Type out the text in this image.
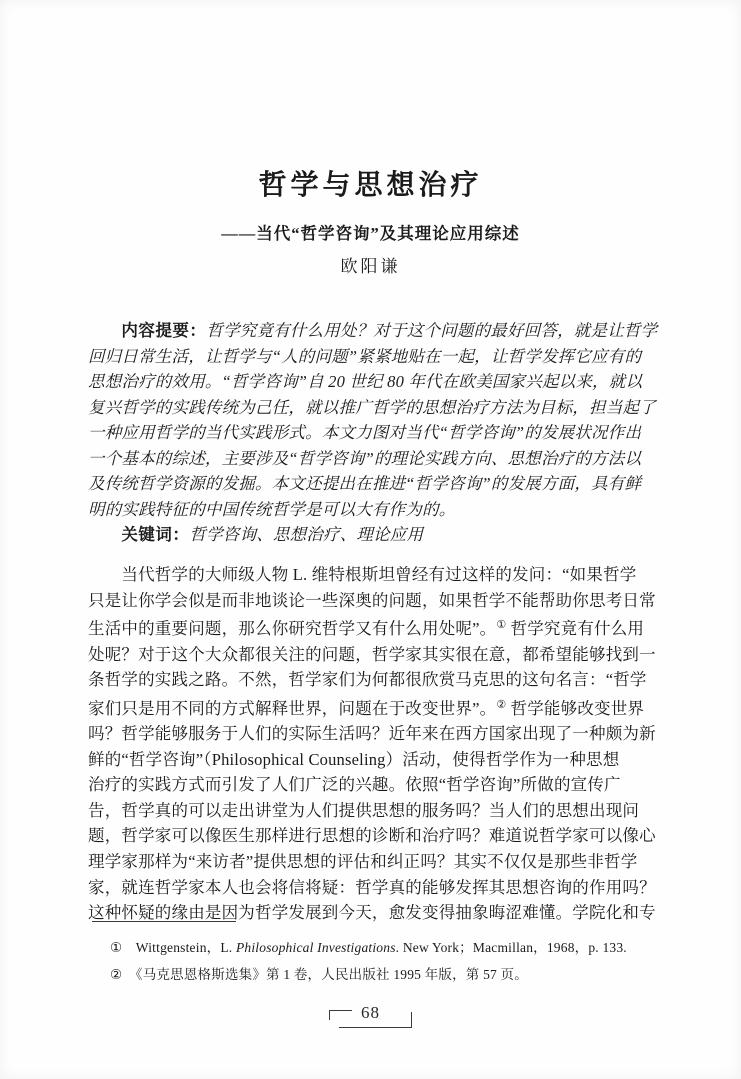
哲学与思想治疗
——当代“哲学咨询”及其理论应用综述
欧阳谦
　　内容提要：哲学究竟有什么用处？对于这个问题的最好回答，就是让哲学
回归日常生活，让哲学与“人的问题”紧紧地贴在一起，让哲学发挥它应有的
思想治疗的效用。“哲学咨询”自 20 世纪 80 年代在欧美国家兴起以来，就以
复兴哲学的实践传统为己任，就以推广哲学的思想治疗方法为目标，担当起了
一种应用哲学的当代实践形式。本文力图对当代“哲学咨询”的发展状况作出
一个基本的综述，主要涉及“哲学咨询”的理论实践方向、思想治疗的方法以
及传统哲学资源的发掘。本文还提出在推进“哲学咨询”的发展方面，具有鲜
明的实践特征的中国传统哲学是可以大有作为的。
　　关键词：哲学咨询、思想治疗、理论应用
　　当代哲学的大师级人物 L. 维特根斯坦曾经有过这样的发问：“如果哲学
只是让你学会似是而非地谈论一些深奥的问题，如果哲学不能帮助你思考日常
生活中的重要问题，那么你研究哲学又有什么用处呢”。① 哲学究竟有什么用
处呢？对于这个大众都很关注的问题，哲学家其实很在意，都希望能够找到一
条哲学的实践之路。不然，哲学家们为何都很欣赏马克思的这句名言：“哲学
家们只是用不同的方式解释世界，问题在于改变世界”。② 哲学能够改变世界
吗？哲学能够服务于人们的实际生活吗？近年来在西方国家出现了一种颇为新
鲜的“哲学咨询”（Philosophical Counseling）活动，使得哲学作为一种思想
治疗的实践方式而引发了人们广泛的兴趣。依照“哲学咨询”所做的宣传广
告，哲学真的可以走出讲堂为人们提供思想的服务吗？当人们的思想出现问
题，哲学家可以像医生那样进行思想的诊断和治疗吗？难道说哲学家可以像心
理学家那样为“来访者”提供思想的评估和纠正吗？其实不仅仅是那些非哲学
家，就连哲学家本人也会将信将疑：哲学真的能够发挥其思想咨询的作用吗？
这种怀疑的缘由是因为哲学发展到今天，愈发变得抽象晦涩难懂。学院化和专
①　Wittgenstein，L. Philosophical Investigations. New York；Macmillan，1968，p. 133.
②　《马克思恩格斯选集》第 1 卷，人民出版社 1995 年版，第 57 页。
68
